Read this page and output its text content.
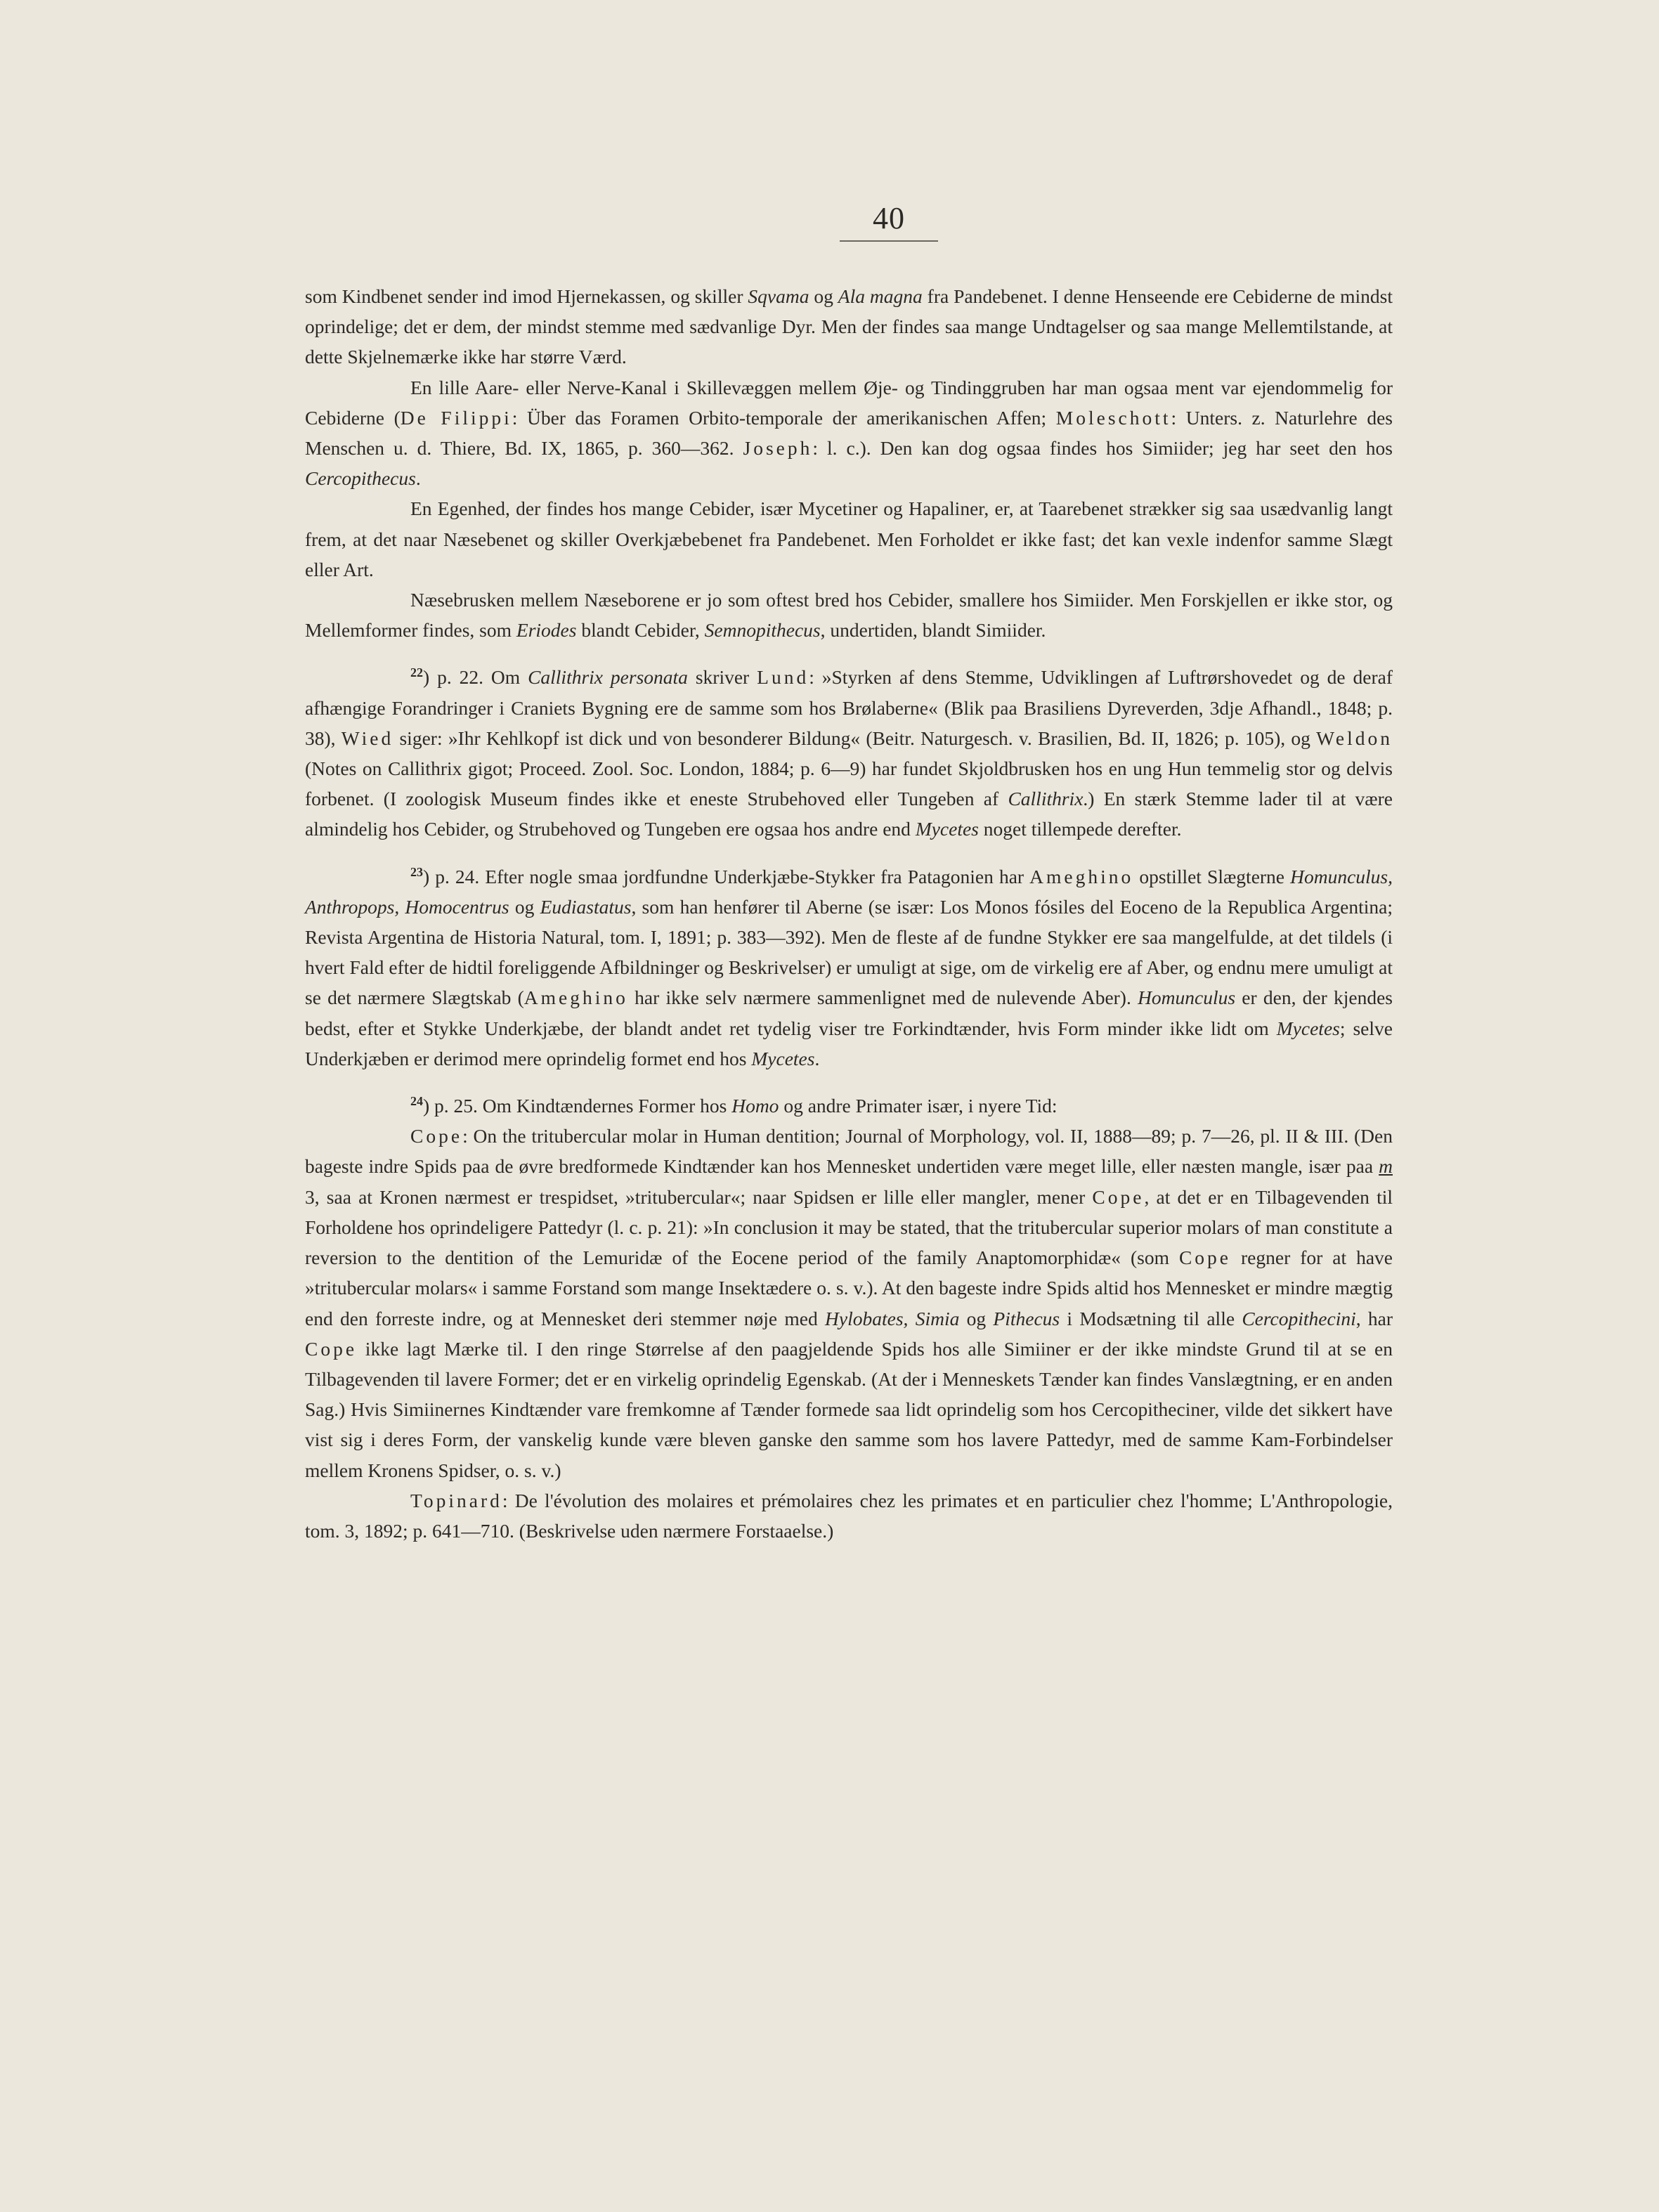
40

som Kindbenet sender ind imod Hjernekassen, og skiller Sqvama og Ala magna fra Pandebenet. I denne Henseende ere Cebiderne de mindst oprindelige; det er dem, der mindst stemme med sædvanlige Dyr. Men der findes saa mange Undtagelser og saa mange Mellemtilstande, at dette Skjelnemærke ikke har større Værd.

En lille Aare- eller Nerve-Kanal i Skillevæggen mellem Øje- og Tindinggruben har man ogsaa ment var ejendommelig for Cebiderne (De Filippi: Über das Foramen Orbito-temporale der amerikanischen Affen; Moleschott: Unters. z. Naturlehre des Menschen u. d. Thiere, Bd. IX, 1865, p. 360—362. Joseph: l. c.). Den kan dog ogsaa findes hos Simiider; jeg har seet den hos Cercopithecus.

En Egenhed, der findes hos mange Cebider, især Mycetiner og Hapaliner, er, at Taarebenet strækker sig saa usædvanlig langt frem, at det naar Næsebenet og skiller Overkjæbebenet fra Pandebenet. Men Forholdet er ikke fast; det kan vexle indenfor samme Slægt eller Art.

Næsebrusken mellem Næseborene er jo som oftest bred hos Cebider, smallere hos Simiider. Men Forskjellen er ikke stor, og Mellemformer findes, som Eriodes blandt Cebider, Semnopithecus, undertiden, blandt Simiider.

$^{22}$) p. 22. Om Callithrix personata skriver Lund: »Styrken af dens Stemme, Udviklingen af Luftrørshovedet og de deraf afhængige Forandringer i Craniets Bygning ere de samme som hos Brølaberne« (Blik paa Brasiliens Dyreverden, 3dje Afhandl., 1848; p. 38), Wied siger: »Ihr Kehlkopf ist dick und von besonderer Bildung« (Beitr. Naturgesch. v. Brasilien, Bd. II, 1826; p. 105), og Weldon (Notes on Callithrix gigot; Proceed. Zool. Soc. London, 1884; p. 6—9) har fundet Skjoldbrusken hos en ung Hun temmelig stor og delvis forbenet. (I zoologisk Museum findes ikke et eneste Strubehoved eller Tungeben af Callithrix.) En stærk Stemme lader til at være almindelig hos Cebider, og Strubehoved og Tungeben ere ogsaa hos andre end Mycetes noget tillempede derefter.

$^{23}$) p. 24. Efter nogle smaa jordfundne Underkjæbe-Stykker fra Patagonien har Ameghino opstillet Slægterne Homunculus, Anthropops, Homocentrus og Eudiastatus, som han henfører til Aberne (se især: Los Monos fósiles del Eoceno de la Republica Argentina; Revista Argentina de Historia Natural, tom. I, 1891; p. 383—392). Men de fleste af de fundne Stykker ere saa mangelfulde, at det tildels (i hvert Fald efter de hidtil foreliggende Afbildninger og Beskrivelser) er umuligt at sige, om de virkelig ere af Aber, og endnu mere umuligt at se det nærmere Slægtskab (Ameghino har ikke selv nærmere sammenlignet med de nulevende Aber). Homunculus er den, der kjendes bedst, efter et Stykke Underkjæbe, der blandt andet ret tydelig viser tre Forkindtænder, hvis Form minder ikke lidt om Mycetes; selve Underkjæben er derimod mere oprindelig formet end hos Mycetes.

$^{24}$) p. 25. Om Kindtændernes Former hos Homo og andre Primater især, i nyere Tid:

Cope: On the tritubercular molar in Human dentition; Journal of Morphology, vol. II, 1888—89; p. 7—26, pl. II & III. (Den bageste indre Spids paa de øvre bredformede Kindtænder kan hos Mennesket undertiden være meget lille, eller næsten mangle, især paa m 3, saa at Kronen nærmest er trespidset, »tritubercular«; naar Spidsen er lille eller mangler, mener Cope, at det er en Tilbagevenden til Forholdene hos oprindeligere Pattedyr (l. c. p. 21): »In conclusion it may be stated, that the tritubercular superior molars of man constitute a reversion to the dentition of the Lemuridæ of the Eocene period of the family Anaptomorphidæ« (som Cope regner for at have »tritubercular molars« i samme Forstand som mange Insektædere o. s. v.). At den bageste indre Spids altid hos Mennesket er mindre mægtig end den forreste indre, og at Mennesket deri stemmer nøje med Hylobates, Simia og Pithecus i Modsætning til alle Cercopithecini, har Cope ikke lagt Mærke til. I den ringe Størrelse af den paagjeldende Spids hos alle Simiiner er der ikke mindste Grund til at se en Tilbagevenden til lavere Former; det er en virkelig oprindelig Egenskab. (At der i Menneskets Tænder kan findes Vanslægtning, er en anden Sag.) Hvis Simiinernes Kindtænder vare fremkomne af Tænder formede saa lidt oprindelig som hos Cercopitheciner, vilde det sikkert have vist sig i deres Form, der vanskelig kunde være bleven ganske den samme som hos lavere Pattedyr, med de samme Kam-Forbindelser mellem Kronens Spidser, o. s. v.)

Topinard: De l'évolution des molaires et prémolaires chez les primates et en particulier chez l'homme; L'Anthropologie, tom. 3, 1892; p. 641—710. (Beskrivelse uden nærmere Forstaaelse.)
